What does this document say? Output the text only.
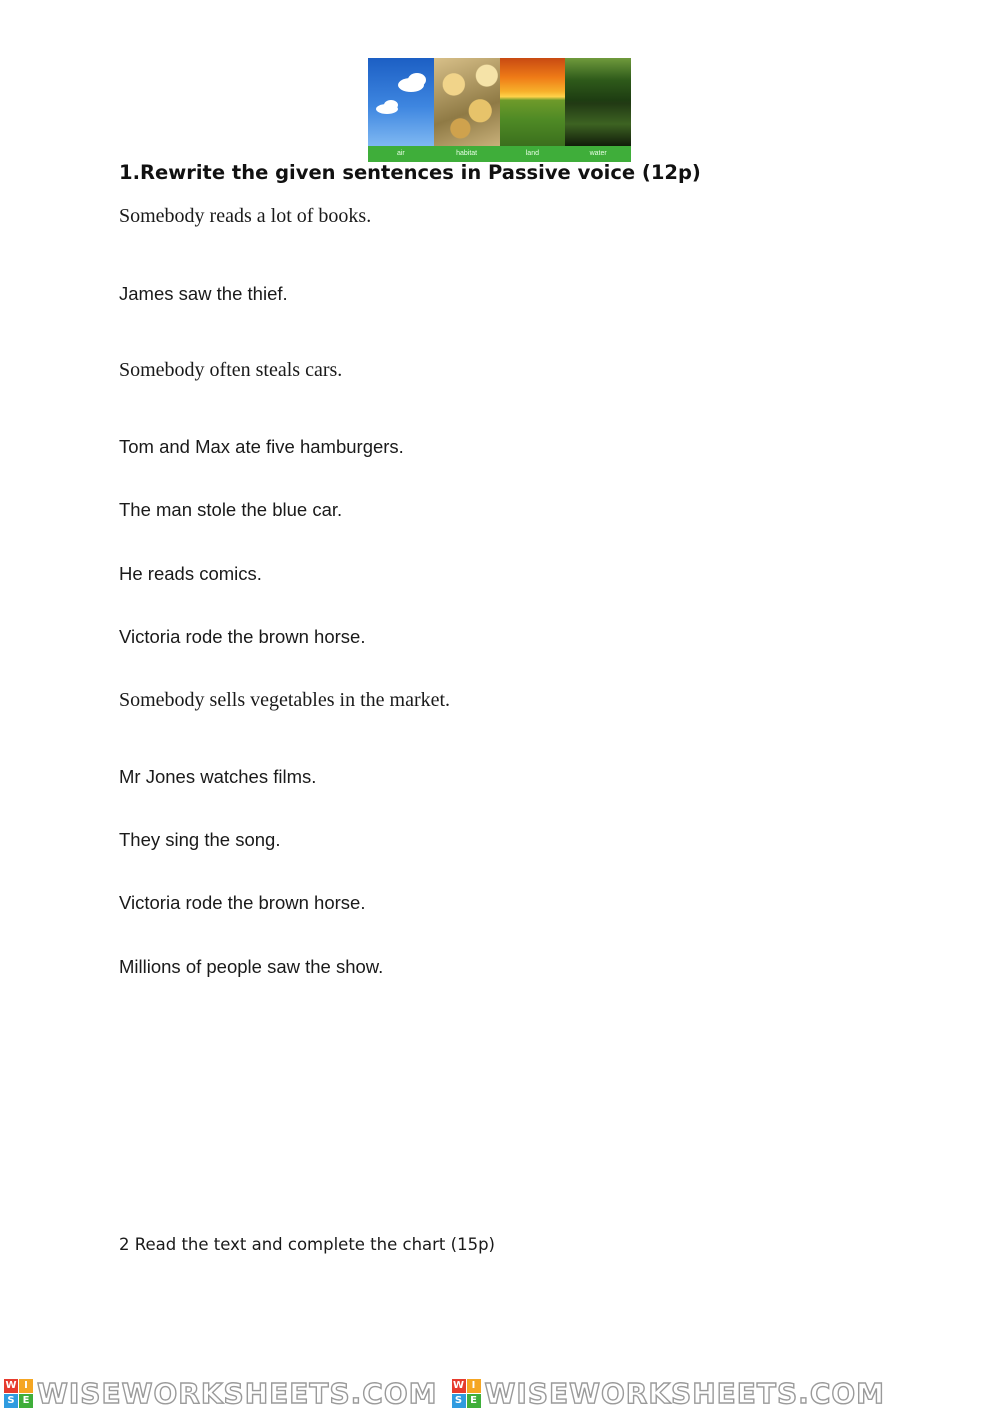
air	habitat	land	water
1.Rewrite the given sentences in Passive voice (12p)
Somebody reads a lot of books.
James saw the thief.
Somebody often steals cars.
Tom and Max ate five hamburgers.
The man stole the blue car.
He reads comics.
Victoria rode the brown horse.
Somebody sells vegetables in the market.
Mr Jones watches films.
They sing the song.
Victoria rode the brown horse.
Millions of people saw the show.
2 Read the text and complete the chart (15p)
W I
S E WISEWORKSHEETS.COM W I
S E WISEWORKSHEETS.COM
